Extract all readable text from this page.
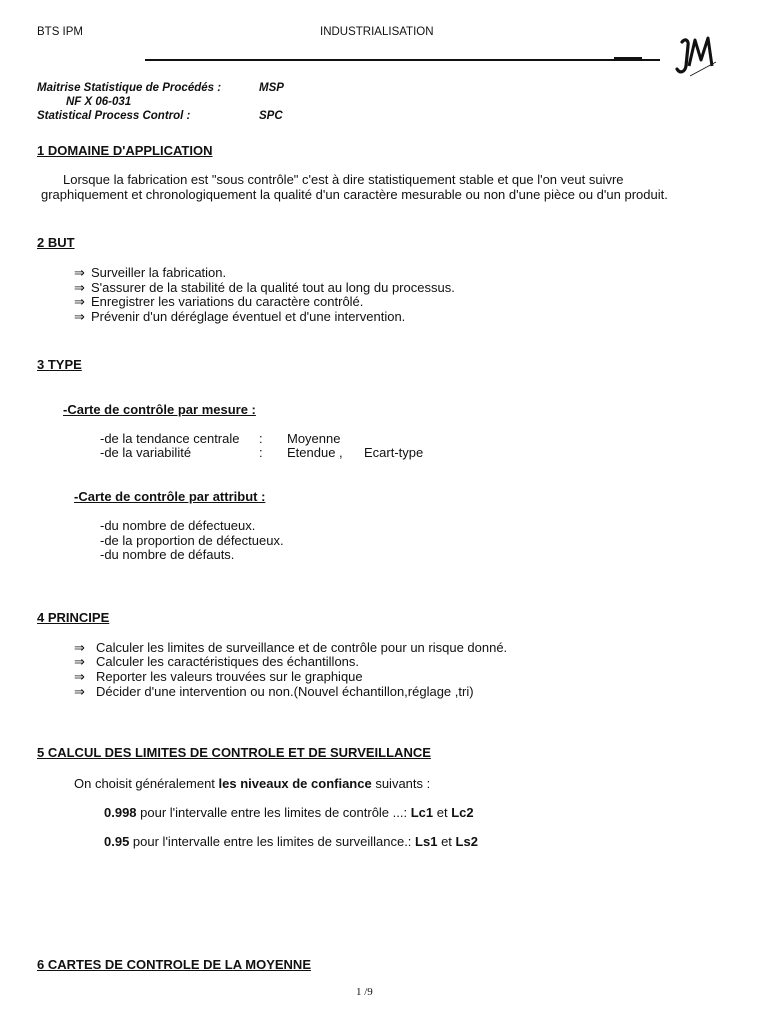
BTS IPM	INDUSTRIALISATION
Maitrise Statistique de Procédés :	MSP
NF X 06-031
Statistical Process Control :	SPC
1 DOMAINE D'APPLICATION
Lorsque la fabrication est "sous contrôle" c'est à dire statistiquement stable et que l'on veut suivre
graphiquement et chronologiquement la qualité d'un caractère mesurable ou non d'une pièce ou d'un produit.
2 BUT
⇒ Surveiller la fabrication.
⇒ S'assurer de la stabilité de la qualité tout au long du processus.
⇒ Enregistrer les variations du caractère contrôlé.
⇒ Prévenir d'un déréglage éventuel et d'une intervention.
3 TYPE
-Carte de contrôle par mesure :
-de la tendance centrale : Moyenne
-de la variabilité	: Etendue , Ecart-type
-Carte de contrôle par attribut :
-du nombre de défectueux.
-de la proportion de défectueux.
-du nombre de défauts.
4 PRINCIPE
⇒ Calculer les limites de surveillance et de contrôle pour un risque donné.
⇒ Calculer les caractéristiques des échantillons.
⇒ Reporter les valeurs trouvées sur le graphique
⇒ Décider d'une intervention ou non.(Nouvel échantillon,réglage ,tri)
5 CALCUL DES LIMITES DE CONTROLE ET DE SURVEILLANCE
On choisit généralement les niveaux de confiance suivants :
0.998 pour l'intervalle entre les limites de contrôle ...: Lc1 et Lc2
0.95 pour l'intervalle entre les limites de surveillance.: Ls1 et Ls2
6 CARTES DE CONTROLE DE LA MOYENNE
1 /9
